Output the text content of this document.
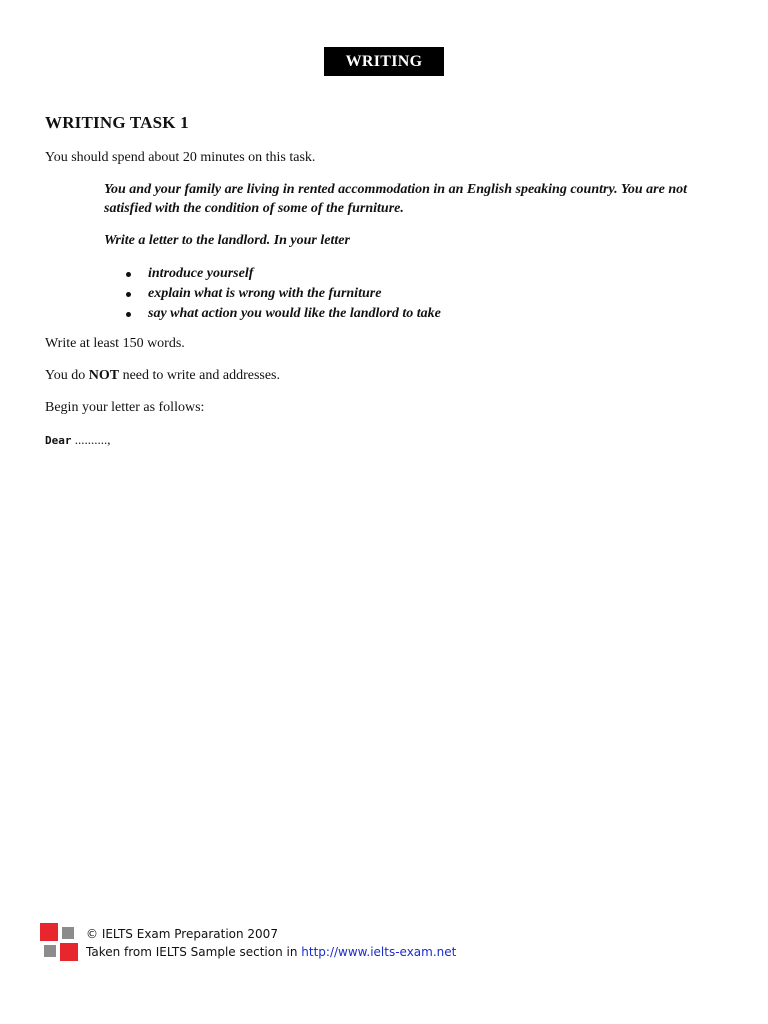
WRITING
WRITING TASK 1

You should spend about 20 minutes on this task.

You and your family are living in rented accommodation in an English speaking country. You are not satisfied with the condition of some of the furniture.

Write a letter to the landlord. In your letter

introduce yourself
explain what is wrong with the furniture
say what action you would like the landlord to take

Write at least 150 words.

You do NOT need to write and addresses.

Begin your letter as follows:

Dear ..........,

© IELTS Exam Preparation 2007
Taken from IELTS Sample section in http://www.ielts-exam.net
